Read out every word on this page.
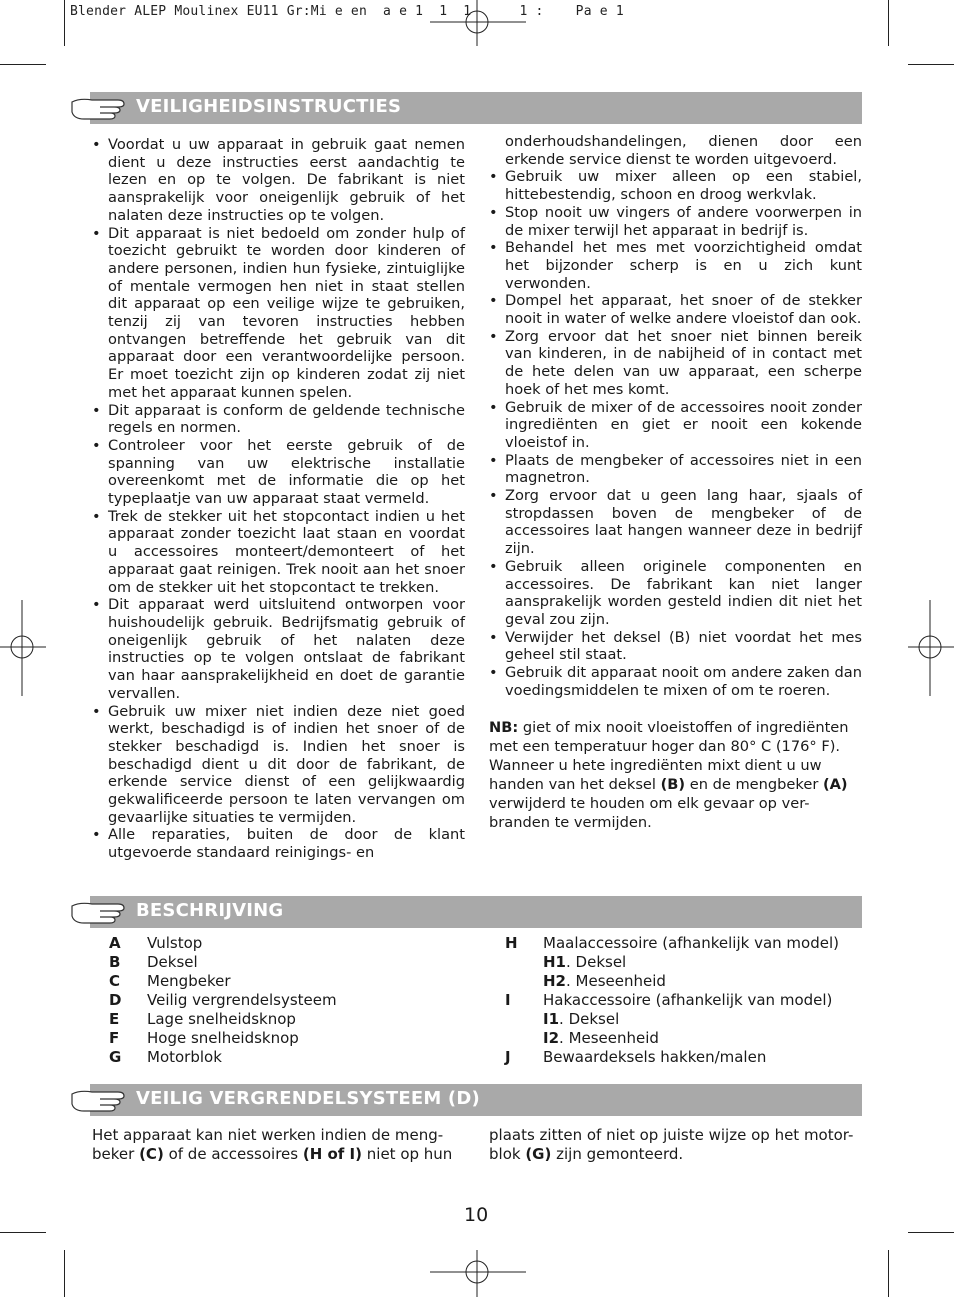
Blender ALEP Moulinex EU11 Gr:Mi e en  a e 1  1  1      1 :    Pa e 1
VEILIGHEIDSINSTRUCTIES
• Voordat u uw apparaat in gebruik gaat nemen dient u deze instructies eerst aandachtig te lezen en op te volgen. De fabrikant is niet aansprakelijk voor oneigenlijk gebruik of het nalaten deze instructies op te volgen.
• Dit apparaat is niet bedoeld om zonder hulp of toezicht gebruikt te worden door kinderen of andere personen, indien hun fysieke, zintuiglijke of mentale vermogen hen niet in staat stellen dit apparaat op een veilige wijze te gebruiken, tenzij zij van tevoren instructies hebben ontvangen betreffende het gebruik van dit apparaat door een verantwoordelijke persoon. Er moet toezicht zijn op kinderen zodat zij niet met het apparaat kunnen spelen.
• Dit apparaat is conform de geldende technische regels en normen.
• Controleer voor het eerste gebruik of de spanning van uw elektrische installatie overeenkomt met de informatie die op het typeplaatje van uw apparaat staat vermeld.
• Trek de stekker uit het stopcontact indien u het apparaat zonder toezicht laat staan en voordat u accessoires monteert/demonteert of het apparaat gaat reinigen. Trek nooit aan het snoer om de stekker uit het stopcontact te trekken.
• Dit apparaat werd uitsluitend ontworpen voor huishoudelijk gebruik. Bedrijfsmatig gebruik of oneigenlijk gebruik of het nalaten deze instructies op te volgen ontslaat de fabrikant van haar aansprakelijkheid en doet de garantie vervallen.
• Gebruik uw mixer niet indien deze niet goed werkt, beschadigd is of indien het snoer of de stekker beschadigd is. Indien het snoer is beschadigd dient u dit door de fabrikant, de erkende service dienst of een gelijkwaardig gekwalificeerde persoon te laten vervangen om gevaarlijke situaties te vermijden.
• Alle reparaties, buiten de door de klant utgevoerde standaard reinigings- en
onderhoudshandelingen, dienen door een erkende service dienst te worden uitgevoerd.
• Gebruik uw mixer alleen op een stabiel, hittebestendig, schoon en droog werkvlak.
• Stop nooit uw vingers of andere voorwerpen in de mixer terwijl het apparaat in bedrijf is.
• Behandel het mes met voorzichtigheid omdat het bijzonder scherp is en u zich kunt verwonden.
• Dompel het apparaat, het snoer of de stekker nooit in water of welke andere vloeistof dan ook.
• Zorg ervoor dat het snoer niet binnen bereik van kinderen, in de nabijheid of in contact met de hete delen van uw apparaat, een scherpe hoek of het mes komt.
• Gebruik de mixer of de accessoires nooit zonder ingrediënten en giet er nooit een kokende vloeistof in.
• Plaats de mengbeker of accessoires niet in een magnetron.
• Zorg ervoor dat u geen lang haar, sjaals of stropdassen boven de mengbeker of de accessoires laat hangen wanneer deze in bedrijf zijn.
• Gebruik alleen originele componenten en accessoires. De fabrikant kan niet langer aansprakelijk worden gesteld indien dit niet het geval zou zijn.
• Verwijder het deksel (B) niet voordat het mes geheel stil staat.
• Gebruik dit apparaat nooit om andere zaken dan voedingsmiddelen te mixen of om te roeren.
NB: giet of mix nooit vloeistoffen of ingrediënten met een temperatuur hoger dan 80° C (176° F). Wanneer u hete ingrediënten mixt dient u uw handen van het deksel (B) en de mengbeker (A) verwijderd te houden om elk gevaar op ver-branden te vermijden.
BESCHRIJVING
A	Vulstop
B	Deksel
C	Mengbeker
D	Veilig vergrendelsysteem
E	Lage snelheidsknop
F	Hoge snelheidsknop
G	Motorblok
H	Maalaccessoire (afhankelijk van model)
H1. Deksel
H2. Meseenheid
I	Hakaccessoire (afhankelijk van model)
I1. Deksel
I2. Meseenheid
J	Bewaardeksels hakken/malen
VEILIG VERGRENDELSYSTEEM (D)
Het apparaat kan niet werken indien de meng-beker (C) of de accessoires (H of I) niet op hun
plaats zitten of niet op juiste wijze op het motor-blok (G) zijn gemonteerd.
10
